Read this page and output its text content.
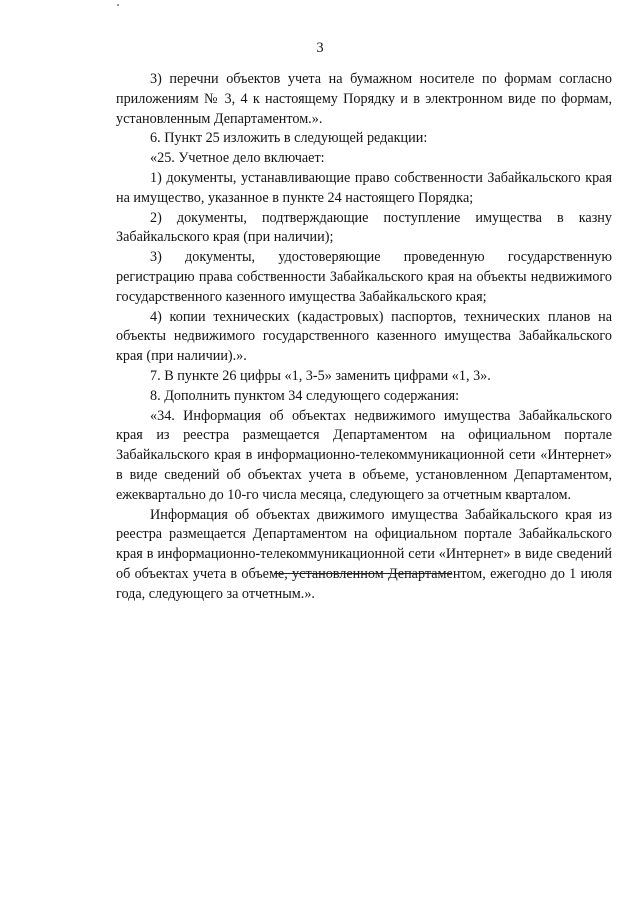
3

3) перечни объектов учета на бумажном носителе по формам согласно приложениям № 3, 4 к настоящему Порядку и в электронном виде по формам, установленным Департаментом.».

6. Пункт 25 изложить в следующей редакции:

«25. Учетное дело включает:

1) документы, устанавливающие право собственности Забайкальского края на имущество, указанное в пункте 24 настоящего Порядка;

2) документы, подтверждающие поступление имущества в казну Забайкальского края (при наличии);

3) документы, удостоверяющие проведенную государственную регистрацию права собственности Забайкальского края на объекты недвижимого государственного казенного имущества Забайкальского края;

4) копии технических (кадастровых) паспортов, технических планов на объекты недвижимого государственного казенного имущества Забайкальского края (при наличии).».

7. В пункте 26 цифры «1, 3-5» заменить цифрами «1, 3».

8. Дополнить пунктом 34 следующего содержания:

«34. Информация об объектах недвижимого имущества Забайкальского края из реестра размещается Департаментом на официальном портале Забайкальского края в информационно-телекоммуникационной сети «Интернет» в виде сведений об объектах учета в объеме, установленном Департаментом, ежеквартально до 10-го числа месяца, следующего за отчетным кварталом.

Информация об объектах движимого имущества Забайкальского края из реестра размещается Департаментом на официальном портале Забайкальского края в информационно-телекоммуникационной сети «Интернет» в виде сведений об объектах учета в объеме, установленном Департаментом, ежегодно до 1 июля года, следующего за отчетным.».
